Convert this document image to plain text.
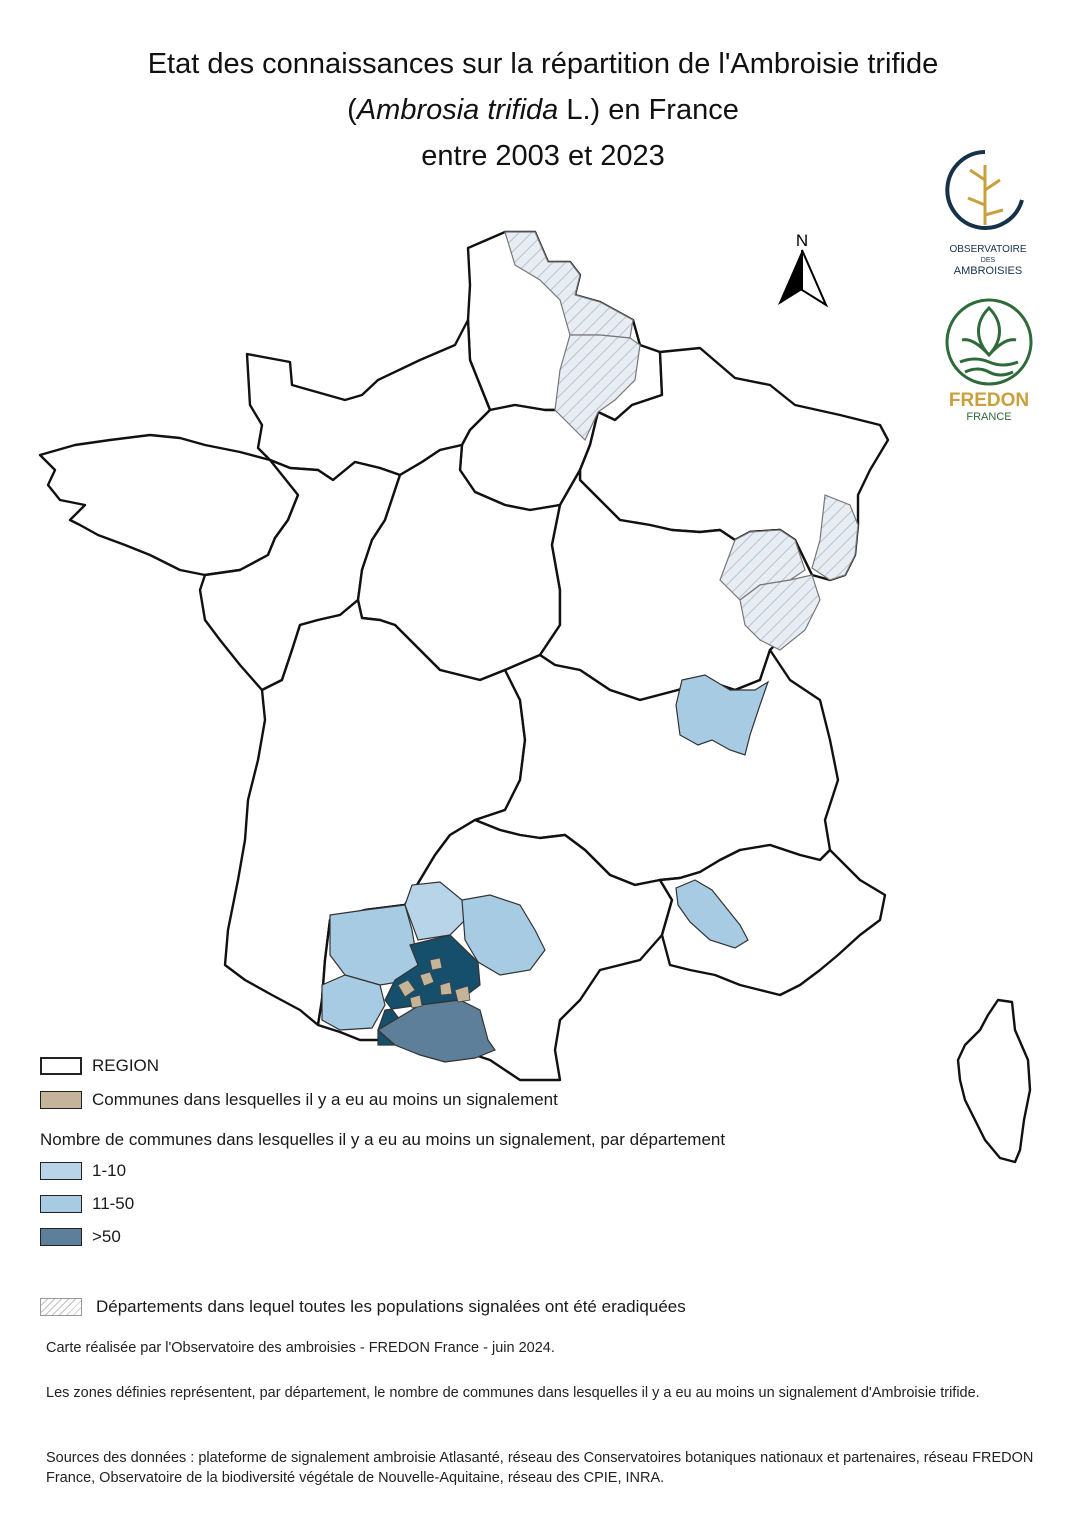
Etat des connaissances sur la répartition de l'Ambroisie trifide
(Ambrosia trifida L.) en France
entre 2003 et 2023
N	OBSERVATOIRE
DES
AMBROISIES
FREDON
FRANCE
REGION
Communes dans lesquelles il y a eu au moins un signalement
Nombre de communes dans lesquelles il y a eu au moins un signalement, par département
1-10
11-50
>50
Départements dans lequel toutes les populations signalées ont été eradiquées
Carte réalisée par l'Observatoire des ambroisies - FREDON France - juin 2024.
Les zones définies représentent, par département, le nombre de communes dans lesquelles il y a eu au moins un signalement d'Ambroisie trifide.
Sources des données : plateforme de signalement ambroisie Atlasanté, réseau des Conservatoires botaniques nationaux et partenaires, réseau FREDON France, Observatoire de la biodiversité végétale de Nouvelle-Aquitaine, réseau des CPIE, INRA.
